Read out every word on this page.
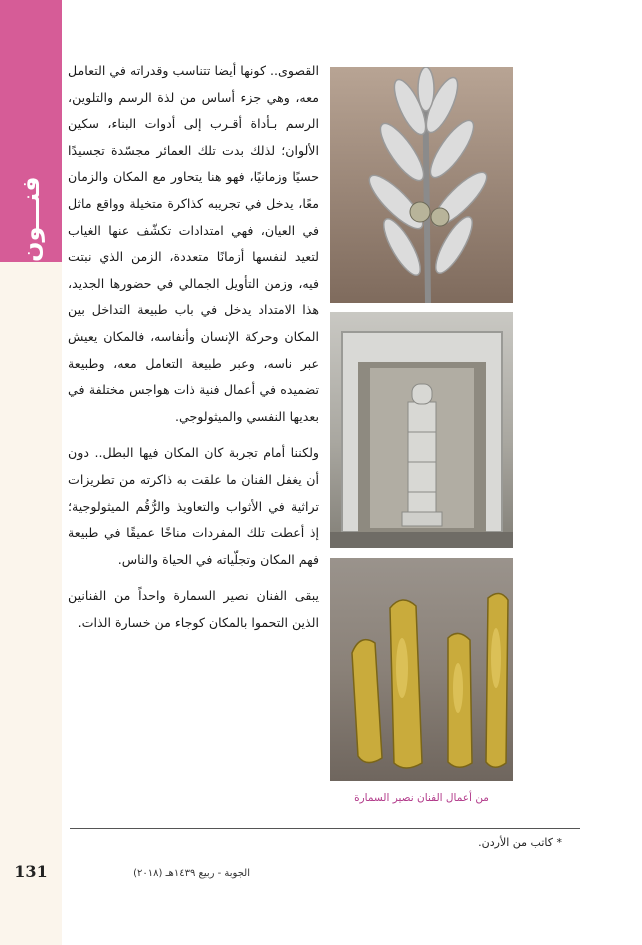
فنـــون

القصوى.. كونها أيضا تتناسب وقدراته في التعامل معه، وهي جزء أساس من لذة الرسم والتلوين، الرسم بـأداة أقـرب إلى أدوات البناء، سكين الألوان؛ لذلك بدت تلك العمائر مجسّدة تجسيدًا حسيًا وزمانيًا، فهو هنا يتحاور مع المكان والزمان معًا، يدخل في تجريبه كذاكرة متخيلة وواقع ماثل في العيان، فهي امتدادات تكشّف عنها الغياب لتعيد لنفسها أزمانًا متعددة، الزمن الذي نبتت فيه، وزمن التأويل الجمالي في حضورها الجديد، هذا الامتداد يدخل في باب طبيعة التداخل بين المكان وحركة الإنسان وأنفاسه، فالمكان يعيش عبر ناسه، وعبر طبيعة التعامل معه، وطبيعة تضميده في أعمال فنية ذات هواجس مختلفة في بعديها النفسي والميثولوجي.

ولكننا أمام تجربة كان المكان فيها البطل.. دون أن يغفل الفنان ما علقت به ذاكرته من تطريزات تراثية في الأثواب والتعاويذ والرُّقُم الميثولوجية؛ إذ أعطت تلك المفردات مناخًا عميقًا في طبيعة فهم المكان وتجلّياته في الحياة والناس.

يبقى الفنان نصير السمارة واحداً من الفنانين الذين التحموا بالمكان كوجاء من خسارة الذات.

من أعمال الفنان نصير السمارة
* كاتب من الأردن.
131	الجوبة - ربيع ١٤٣٩هـ (٢٠١٨)
